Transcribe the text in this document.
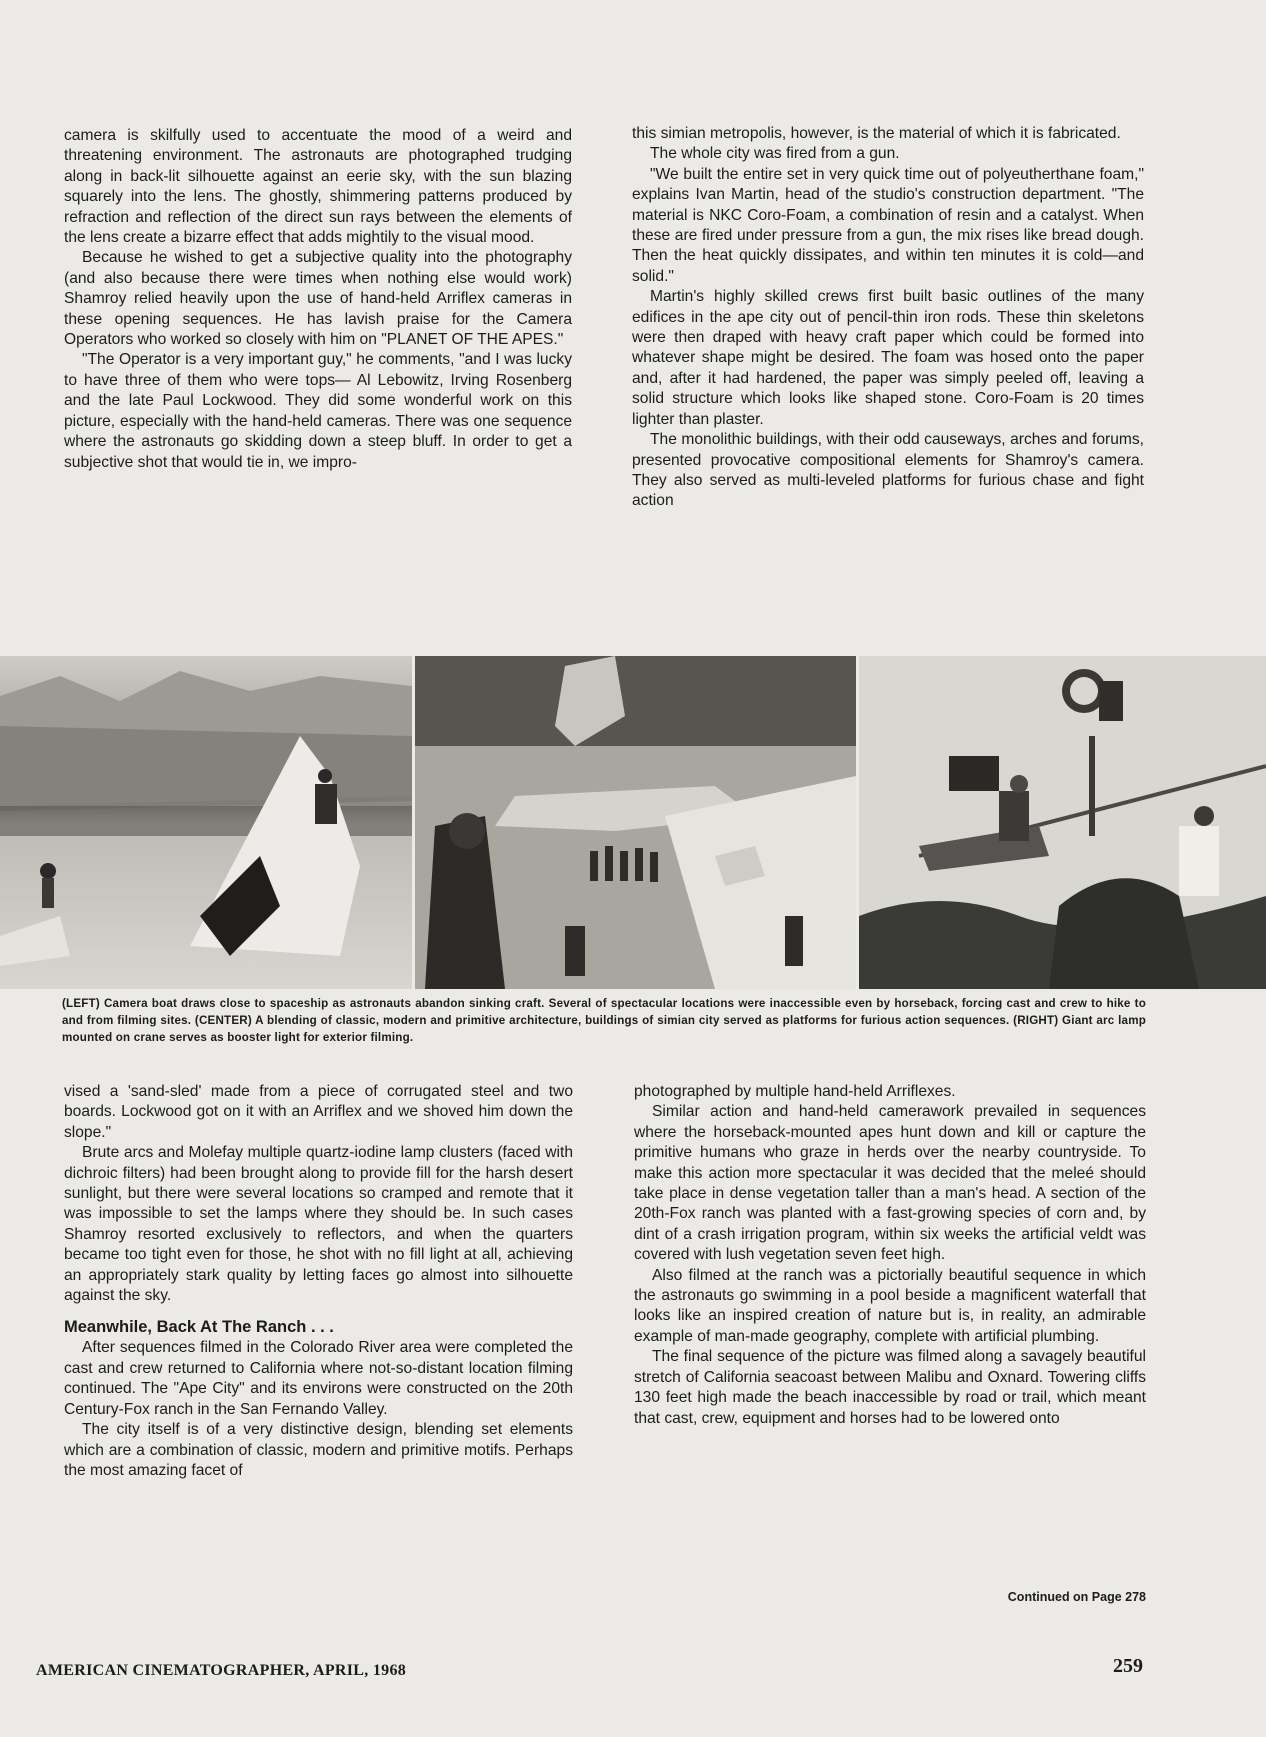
camera is skilfully used to accentuate the mood of a weird and threatening environment. The astronauts are photographed trudging along in back-lit silhouette against an eerie sky, with the sun blazing squarely into the lens. The ghostly, shimmering patterns produced by refraction and reflection of the direct sun rays between the elements of the lens create a bizarre effect that adds mightily to the visual mood.

Because he wished to get a subjective quality into the photography (and also because there were times when nothing else would work) Shamroy relied heavily upon the use of hand-held Arriflex cameras in these opening sequences. He has lavish praise for the Camera Operators who worked so closely with him on "PLANET OF THE APES."

"The Operator is a very important guy," he comments, "and I was lucky to have three of them who were tops— Al Lebowitz, Irving Rosenberg and the late Paul Lockwood. They did some wonderful work on this picture, especially with the hand-held cameras. There was one sequence where the astronauts go skidding down a steep bluff. In order to get a subjective shot that would tie in, we impro-

this simian metropolis, however, is the material of which it is fabricated.

The whole city was fired from a gun.

"We built the entire set in very quick time out of polyeutherthane foam," explains Ivan Martin, head of the studio's construction department. "The material is NKC Coro-Foam, a combination of resin and a catalyst. When these are fired under pressure from a gun, the mix rises like bread dough. Then the heat quickly dissipates, and within ten minutes it is cold—and solid."

Martin's highly skilled crews first built basic outlines of the many edifices in the ape city out of pencil-thin iron rods. These thin skeletons were then draped with heavy craft paper which could be formed into whatever shape might be desired. The foam was hosed onto the paper and, after it had hardened, the paper was simply peeled off, leaving a solid structure which looks like shaped stone. Coro-Foam is 20 times lighter than plaster.

The monolithic buildings, with their odd causeways, arches and forums, presented provocative compositional elements for Shamroy's camera. They also served as multi-leveled platforms for furious chase and fight action

(LEFT) Camera boat draws close to spaceship as astronauts abandon sinking craft. Several of spectacular locations were inaccessible even by horseback, forcing cast and crew to hike to and from filming sites. (CENTER) A blending of classic, modern and primitive architecture, buildings of simian city served as platforms for furious action sequences. (RIGHT) Giant arc lamp mounted on crane serves as booster light for exterior filming.

vised a 'sand-sled' made from a piece of corrugated steel and two boards. Lockwood got on it with an Arriflex and we shoved him down the slope."

Brute arcs and Molefay multiple quartz-iodine lamp clusters (faced with dichroic filters) had been brought along to provide fill for the harsh desert sunlight, but there were several locations so cramped and remote that it was impossible to set the lamps where they should be. In such cases Shamroy resorted exclusively to reflectors, and when the quarters became too tight even for those, he shot with no fill light at all, achieving an appropriately stark quality by letting faces go almost into silhouette against the sky.

Meanwhile, Back At The Ranch . . .

After sequences filmed in the Colorado River area were completed the cast and crew returned to California where not-so-distant location filming continued. The "Ape City" and its environs were constructed on the 20th Century-Fox ranch in the San Fernando Valley.

The city itself is of a very distinctive design, blending set elements which are a combination of classic, modern and primitive motifs. Perhaps the most amazing facet of

photographed by multiple hand-held Arriflexes.

Similar action and hand-held camerawork prevailed in sequences where the horseback-mounted apes hunt down and kill or capture the primitive humans who graze in herds over the nearby countryside. To make this action more spectacular it was decided that the meleé should take place in dense vegetation taller than a man's head. A section of the 20th-Fox ranch was planted with a fast-growing species of corn and, by dint of a crash irrigation program, within six weeks the artificial veldt was covered with lush vegetation seven feet high.

Also filmed at the ranch was a pictorially beautiful sequence in which the astronauts go swimming in a pool beside a magnificent waterfall that looks like an inspired creation of nature but is, in reality, an admirable example of man-made geography, complete with artificial plumbing.

The final sequence of the picture was filmed along a savagely beautiful stretch of California seacoast between Malibu and Oxnard. Towering cliffs 130 feet high made the beach inaccessible by road or trail, which meant that cast, crew, equipment and horses had to be lowered onto

Continued on Page 278
AMERICAN CINEMATOGRAPHER, APRIL, 1968	259
